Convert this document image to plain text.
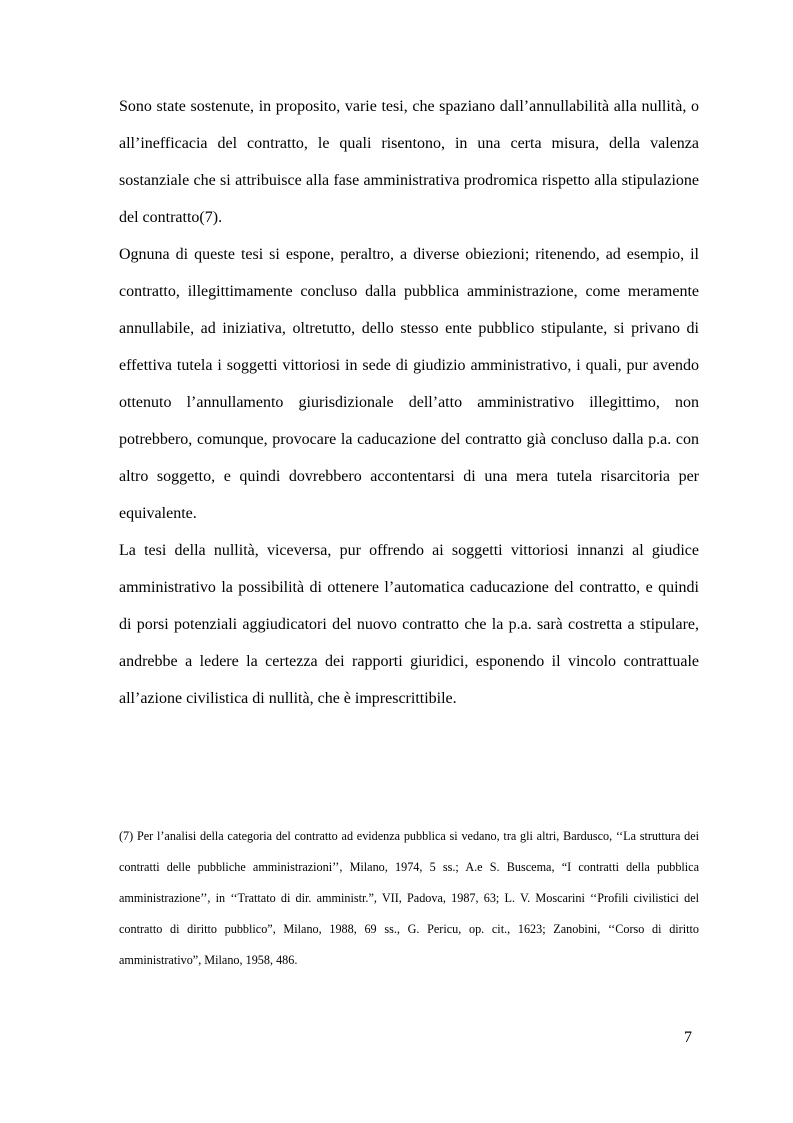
Sono state sostenute, in proposito, varie tesi, che spaziano dall’annullabilità alla nullità, o all’inefficacia del contratto, le quali risentono, in una certa misura, della valenza sostanziale che si attribuisce alla fase amministrativa prodromica rispetto alla stipulazione del contratto(7).

Ognuna di queste tesi si espone, peraltro, a diverse obiezioni; ritenendo, ad esempio, il contratto, illegittimamente concluso dalla pubblica amministrazione, come meramente annullabile, ad iniziativa, oltretutto, dello stesso ente pubblico stipulante, si privano di effettiva tutela i soggetti vittoriosi in sede di giudizio amministrativo, i quali, pur avendo ottenuto l’annullamento giurisdizionale dell’atto amministrativo illegittimo, non potrebbero, comunque, provocare la caducazione del contratto già concluso dalla p.a. con altro soggetto, e quindi dovrebbero accontentarsi di una mera tutela risarcitoria per equivalente.

La tesi della nullità, viceversa, pur offrendo ai soggetti vittoriosi innanzi al giudice amministrativo la possibilità di ottenere l’automatica caducazione del contratto, e quindi di porsi potenziali aggiudicatori del nuovo contratto che la p.a. sarà costretta a stipulare, andrebbe a ledere la certezza dei rapporti giuridici, esponendo il vincolo contrattuale all’azione civilistica di nullità, che è imprescrittibile.

(7) Per l’analisi della categoria del contratto ad evidenza pubblica si vedano, tra gli altri, Bardusco, ‘‘La struttura dei contratti delle pubbliche amministrazioni’’, Milano, 1974, 5 ss.; A.e S. Buscema, “I contratti della pubblica amministrazione’’, in ‘‘Trattato di dir. amministr.”, VII, Padova, 1987, 63; L. V. Moscarini ‘‘Profili civilistici del contratto di diritto pubblico”, Milano, 1988, 69 ss., G. Pericu, op. cit., 1623; Zanobini, ‘‘Corso di diritto amministrativo”, Milano, 1958, 486.

7
